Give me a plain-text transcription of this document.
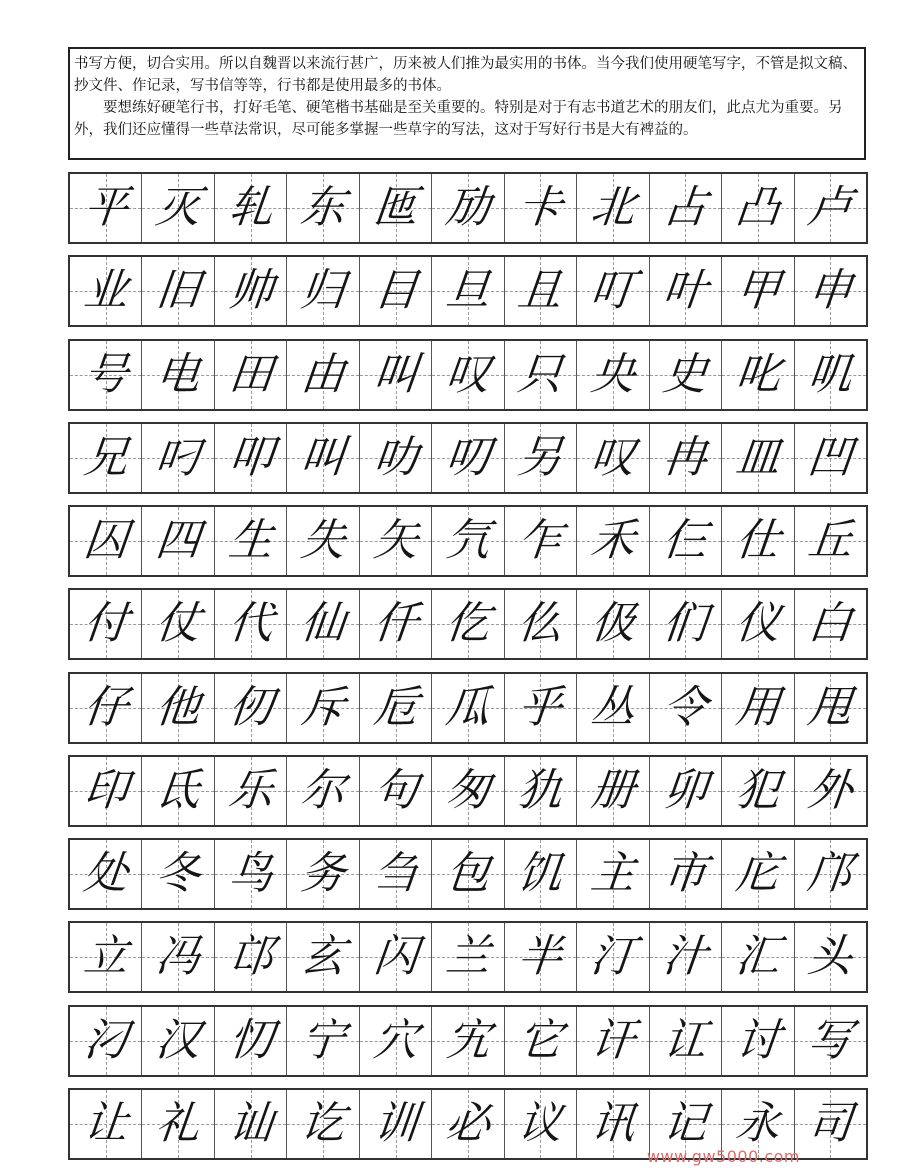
书写方便，切合实用。所以自魏晋以来流行甚广，历来被人们推为最实用的书体。当今我们使用硬笔写字，不管是拟文稿、抄文件、作记录，写书信等等，行书都是使用最多的书体。

要想练好硬笔行书，打好毛笔、硬笔楷书基础是至关重要的。特别是对于有志书道艺术的朋友们，此点尤为重要。另外，我们还应懂得一些草法常识，尽可能多掌握一些草字的写法，这对于写好行书是大有裨益的。

平 灭 轧 东 匜 劢 卡 北 占 凸 卢
业 旧 帅 归 目 旦 且 叮 叶 甲 申
号 电 田 由 叫 叹 只 央 史 叱 叽
兄 叼 叩 叫 叻 叨 另 叹 冉 皿 凹
囚 四 生 失 矢 氕 乍 禾 仨 仕 丘
付 仗 代 仙 仟 仡 仫 伋 们 仪 白
仔 他 仞 斥 卮 瓜 乎 丛 令 用 甩
印 氐 乐 尔 句 匆 犰 册 卯 犯 外
处 冬 鸟 务 刍 包 饥 主 市 庀 邝
立 冯 邙 玄 闪 兰 半 汀 汁 汇 头
汈 汉 忉 宁 穴 宄 它 讦 讧 讨 写
让 礼 讪 讫 训 必 议 讯 记 永 司
www.gw5000.com
